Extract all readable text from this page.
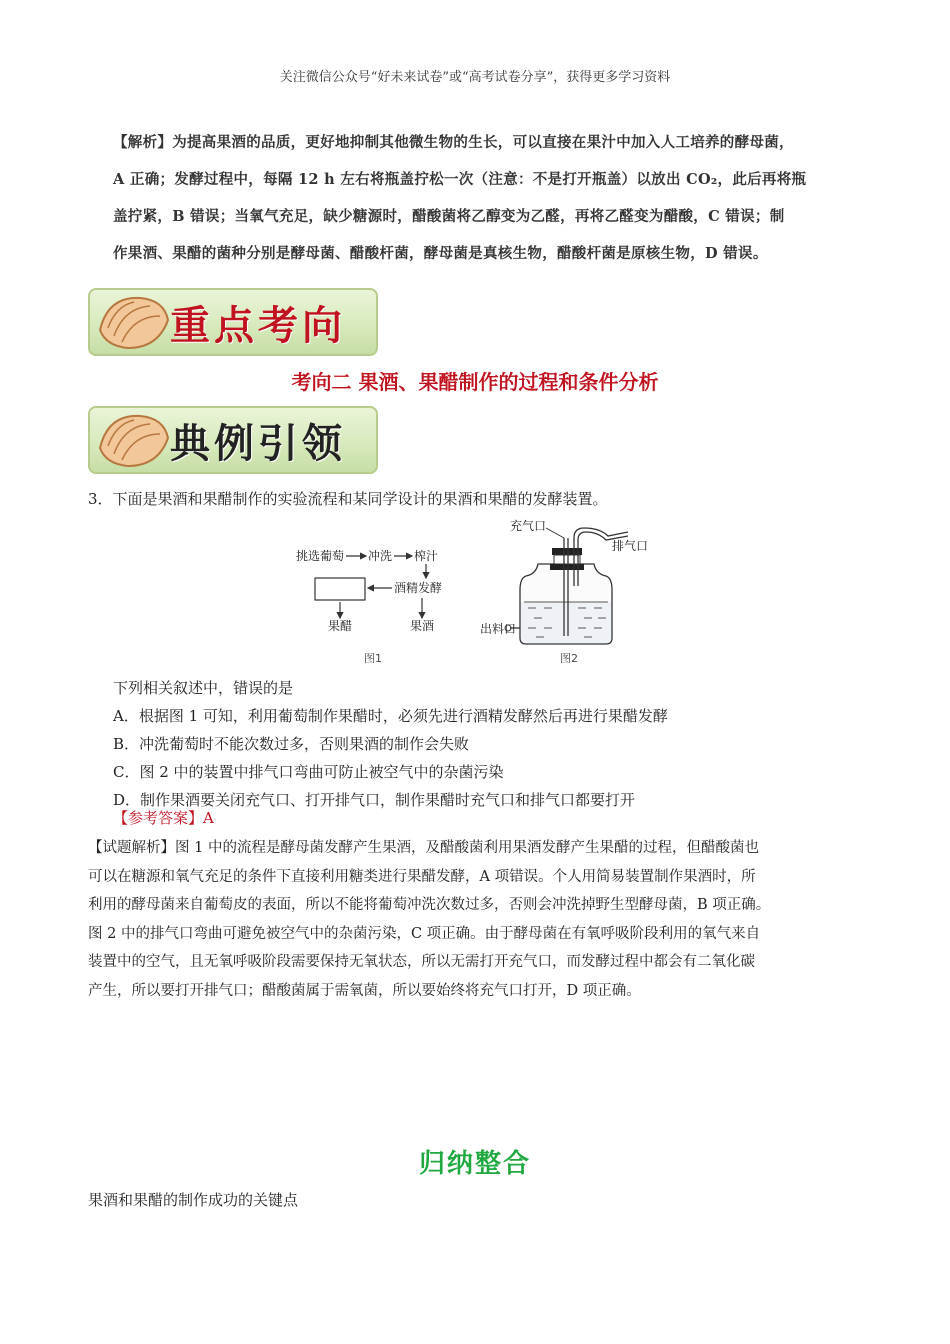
关注微信公众号“好未来试卷”或“高考试卷分享”，获得更多学习资料

【解析】为提高果酒的品质，更好地抑制其他微生物的生长，可以直接在果汁中加入人工培养的酵母菌，

A 正确；发酵过程中，每隔 12 h 左右将瓶盖拧松一次（注意：不是打开瓶盖）以放出 CO₂，此后再将瓶

盖拧紧，B 错误；当氧气充足，缺少糖源时，醋酸菌将乙醇变为乙醛，再将乙醛变为醋酸，C 错误；制

作果酒、果醋的菌种分别是酵母菌、醋酸杆菌，酵母菌是真核生物，醋酸杆菌是原核生物，D 错误。

重点考向
考向二 果酒、果醋制作的过程和条件分析
典例引领
3．下面是果酒和果醋制作的实验流程和某同学设计的果酒和果醋的发酵装置。
挑选葡萄 冲洗 榨汁
酒精发酵
果醋	果酒
图1
充气口
排气口
出料口
图2

下列相关叙述中，错误的是

A．根据图 1 可知，利用葡萄制作果醋时，必须先进行酒精发酵然后再进行果醋发酵

B．冲洗葡萄时不能次数过多，否则果酒的制作会失败

C．图 2 中的装置中排气口弯曲可防止被空气中的杂菌污染

D．制作果酒要关闭充气口、打开排气口，制作果醋时充气口和排气口都要打开

【参考答案】A

【试题解析】图 1 中的流程是酵母菌发酵产生果酒，及醋酸菌利用果酒发酵产生果醋的过程，但醋酸菌也

可以在糖源和氧气充足的条件下直接利用糖类进行果醋发酵，A 项错误。个人用简易装置制作果酒时，所

利用的酵母菌来自葡萄皮的表面，所以不能将葡萄冲洗次数过多，否则会冲洗掉野生型酵母菌，B 项正确。

图 2 中的排气口弯曲可避免被空气中的杂菌污染，C 项正确。由于酵母菌在有氧呼吸阶段利用的氧气来自

装置中的空气，且无氧呼吸阶段需要保持无氧状态，所以无需打开充气口，而发酵过程中都会有二氧化碳

产生，所以要打开排气口；醋酸菌属于需氧菌，所以要始终将充气口打开，D 项正确。

归纳整合
果酒和果醋的制作成功的关键点
